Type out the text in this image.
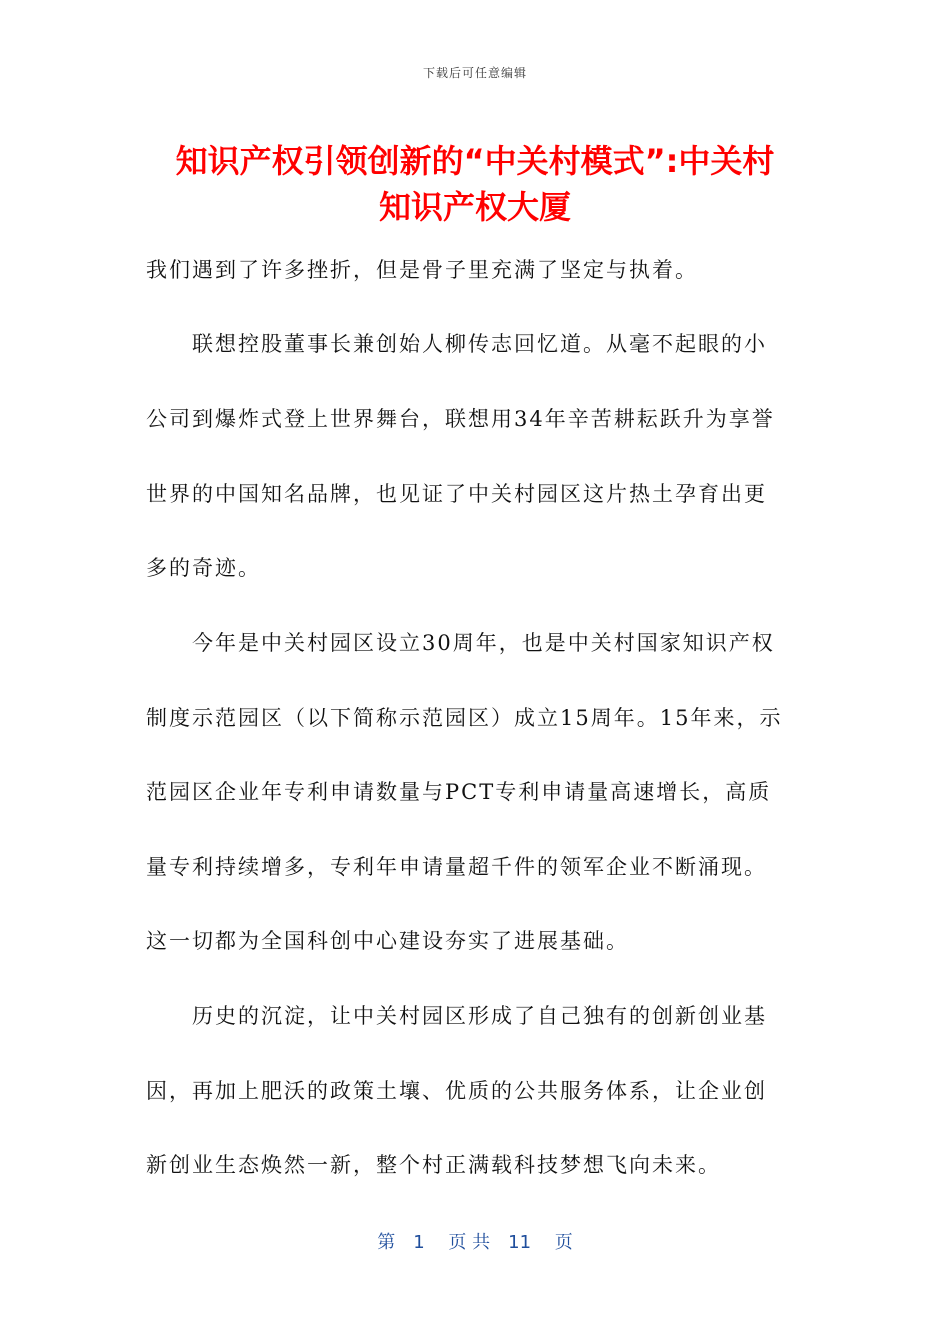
下载后可任意编辑
知识产权引领创新的“中关村模式”:中关村
知识产权大厦
我们遇到了许多挫折，但是骨子里充满了坚定与执着。
　　联想控股董事长兼创始人柳传志回忆道。从毫不起眼的小
公司到爆炸式登上世界舞台，联想用34年辛苦耕耘跃升为享誉
世界的中国知名品牌，也见证了中关村园区这片热土孕育出更
多的奇迹。
　　今年是中关村园区设立30周年，也是中关村国家知识产权
制度示范园区（以下简称示范园区）成立15周年。15年来，示
范园区企业年专利申请数量与PCT专利申请量高速增长，高质
量专利持续增多，专利年申请量超千件的领军企业不断涌现。
这一切都为全国科创中心建设夯实了进展基础。
　　历史的沉淀，让中关村园区形成了自己独有的创新创业基
因，再加上肥沃的政策土壤、优质的公共服务体系，让企业创
新创业生态焕然一新，整个村正满载科技梦想飞向未来。
第　1　 页 共　11　 页
